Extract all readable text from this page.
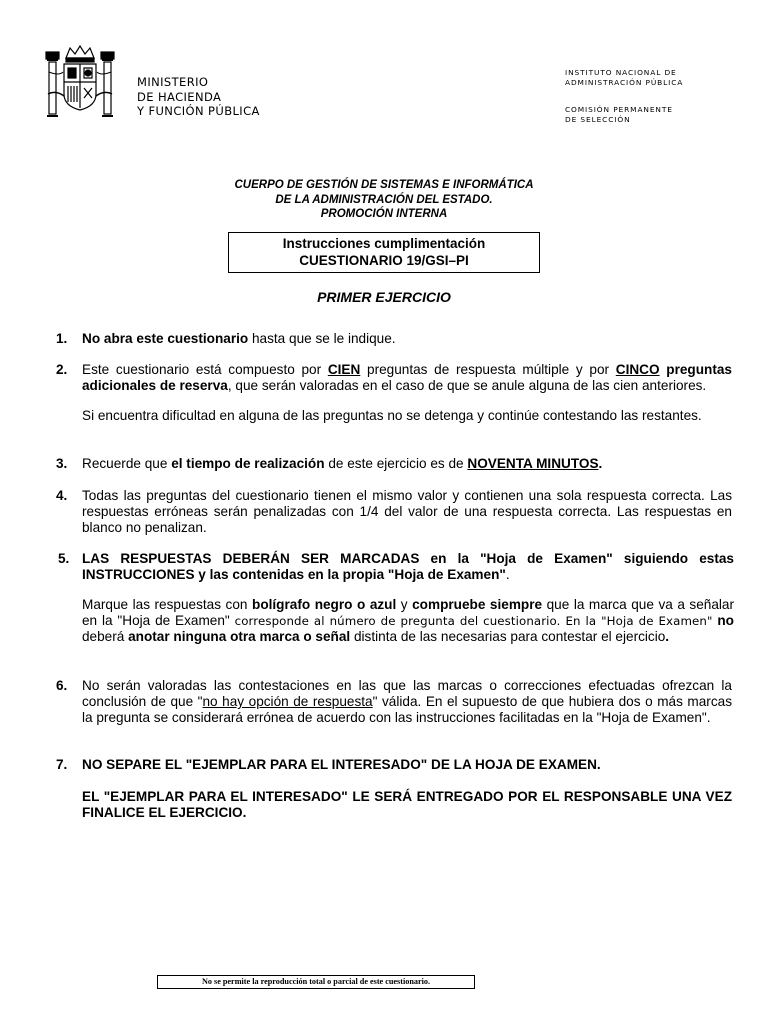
MINISTERIO
DE HACIENDA
Y FUNCIÓN PÚBLICA
INSTITUTO NACIONAL DE
ADMINISTRACIÓN PÚBLICA
COMISIÓN PERMANENTE
DE SELECCIÓN
CUERPO DE GESTIÓN DE SISTEMAS E INFORMÁTICA
DE LA ADMINISTRACIÓN DEL ESTADO.
PROMOCIÓN INTERNA
Instrucciones cumplimentación
CUESTIONARIO 19/GSI–PI
PRIMER EJERCICIO
1. No abra este cuestionario hasta que se le indique.

2. Este cuestionario está compuesto por CIEN preguntas de respuesta múltiple y por CINCO preguntas adicionales de reserva, que serán valoradas en el caso de que se anule alguna de las cien anteriores.

Si encuentra dificultad en alguna de las preguntas no se detenga y continúe contestando las restantes.

3. Recuerde que el tiempo de realización de este ejercicio es de NOVENTA MINUTOS.

4. Todas las preguntas del cuestionario tienen el mismo valor y contienen una sola respuesta correcta. Las respuestas erróneas serán penalizadas con 1/4 del valor de una respuesta correcta. Las respuestas en blanco no penalizan.

5. LAS RESPUESTAS DEBERÁN SER MARCADAS en la "Hoja de Examen" siguiendo estas INSTRUCCIONES y las contenidas en la propia "Hoja de Examen".

Marque las respuestas con bolígrafo negro o azul y compruebe siempre que la marca que va a señalar en la "Hoja de Examen" corresponde al número de pregunta del cuestionario. En la "Hoja de Examen" no deberá anotar ninguna otra marca o señal distinta de las necesarias para contestar el ejercicio.

6. No serán valoradas las contestaciones en las que las marcas o correcciones efectuadas ofrezcan la conclusión de que "no hay opción de respuesta" válida. En el supuesto de que hubiera dos o más marcas la pregunta se considerará errónea de acuerdo con las instrucciones facilitadas en la "Hoja de Examen".

7. NO SEPARE EL "EJEMPLAR PARA EL INTERESADO" DE LA HOJA DE EXAMEN.

EL "EJEMPLAR PARA EL INTERESADO" LE SERÁ ENTREGADO POR EL RESPONSABLE UNA VEZ FINALICE EL EJERCICIO.

No se permite la reproducción total o parcial de este cuestionario.
